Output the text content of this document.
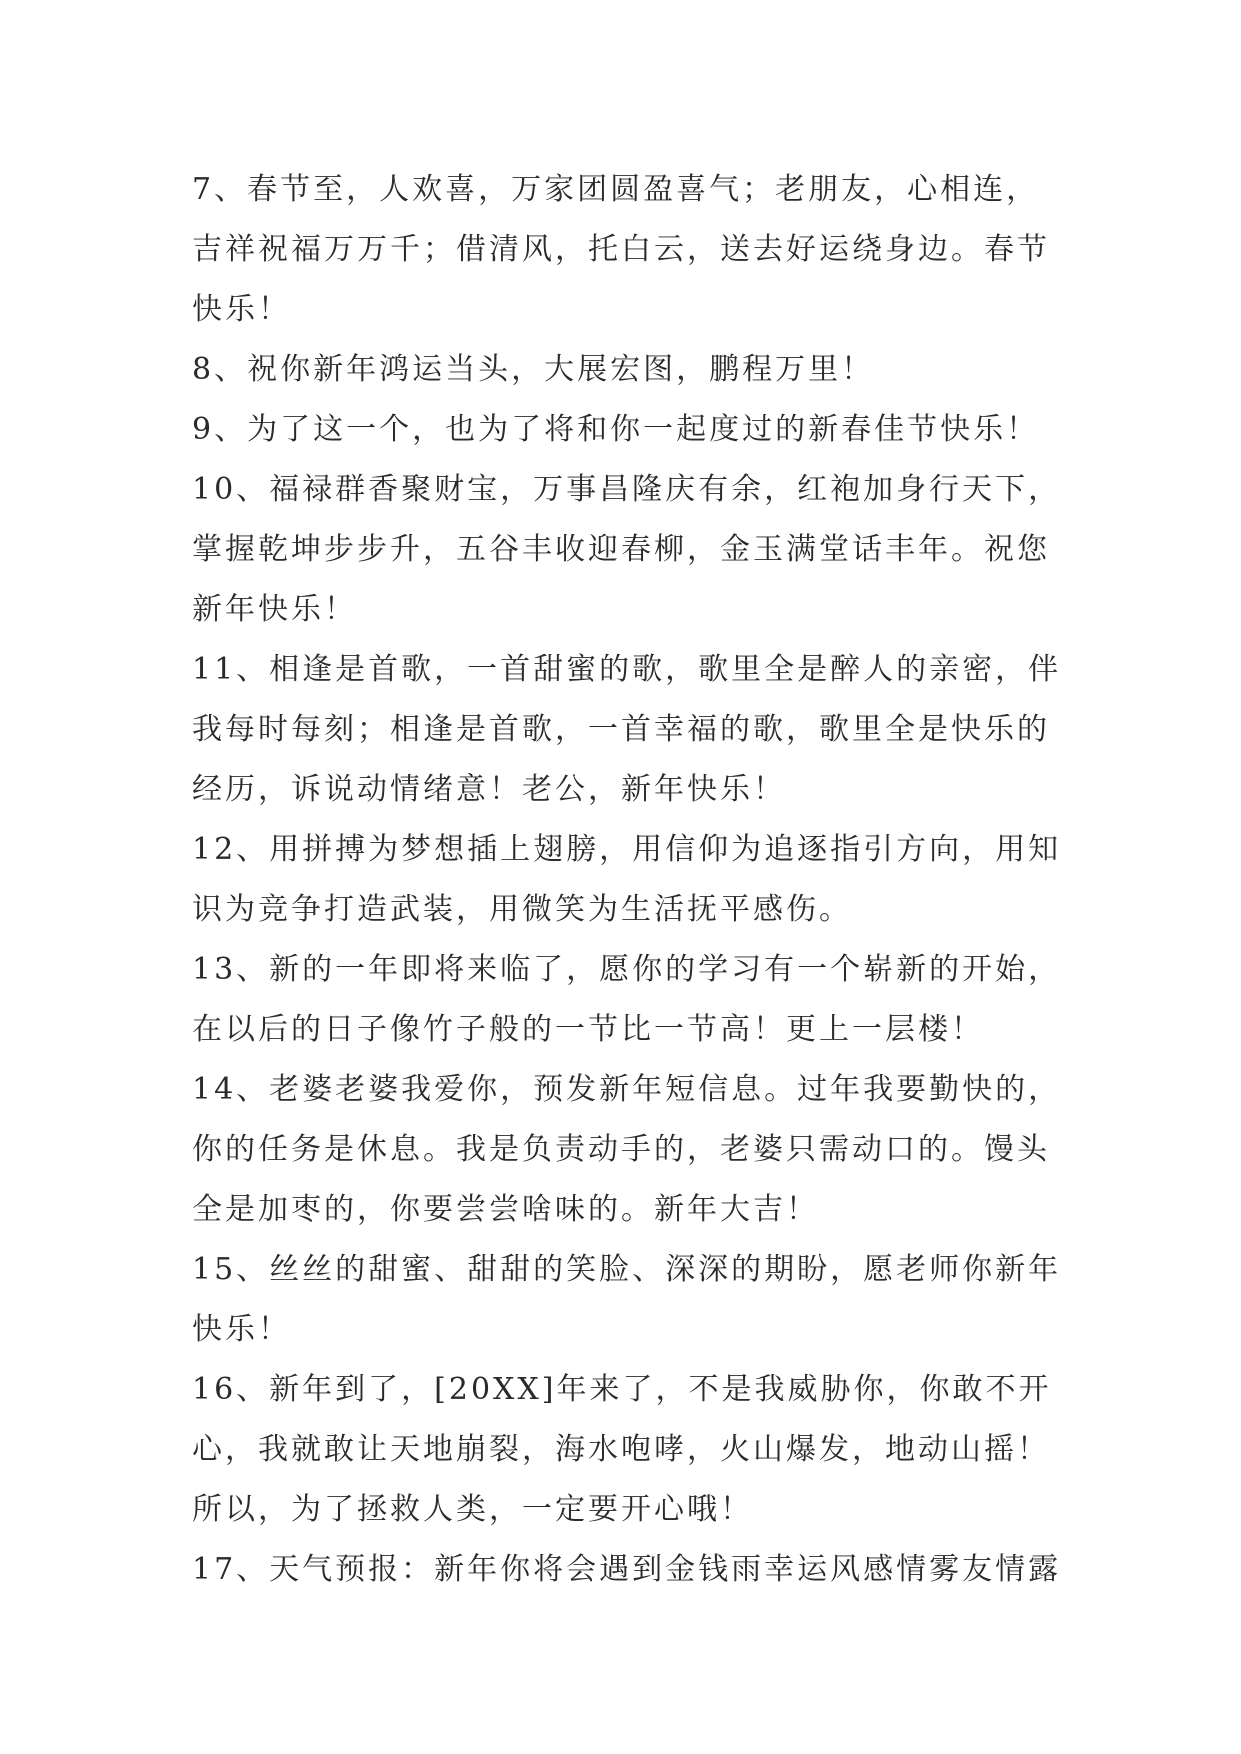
7、春节至，人欢喜，万家团圆盈喜气；老朋友，心相连，吉祥祝福万万千；借清风，托白云，送去好运绕身边。春节快乐！

8、祝你新年鸿运当头，大展宏图，鹏程万里！

9、为了这一个，也为了将和你一起度过的新春佳节快乐！

10、福禄群香聚财宝，万事昌隆庆有余，红袍加身行天下，掌握乾坤步步升，五谷丰收迎春柳，金玉满堂话丰年。祝您新年快乐！

11、相逢是首歌，一首甜蜜的歌，歌里全是醉人的亲密，伴我每时每刻；相逢是首歌，一首幸福的歌，歌里全是快乐的经历，诉说动情绪意！老公，新年快乐！

12、用拼搏为梦想插上翅膀，用信仰为追逐指引方向，用知识为竞争打造武装，用微笑为生活抚平感伤。

13、新的一年即将来临了，愿你的学习有一个崭新的开始，在以后的日子像竹子般的一节比一节高！更上一层楼！

14、老婆老婆我爱你，预发新年短信息。过年我要勤快的，你的任务是休息。我是负责动手的，老婆只需动口的。馒头全是加枣的，你要尝尝啥味的。新年大吉！

15、丝丝的甜蜜、甜甜的笑脸、深深的期盼，愿老师你新年快乐！

16、新年到了，[20XX]年来了，不是我威胁你，你敢不开心，我就敢让天地崩裂，海水咆哮，火山爆发，地动山摇！所以，为了拯救人类，一定要开心哦！

17、天气预报：新年你将会遇到金钱雨幸运风感情雾友情露
